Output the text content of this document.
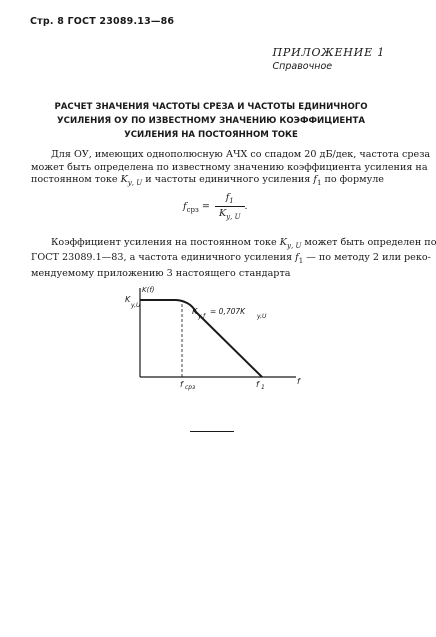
Стр. 8 ГОСТ 23089.13—86
ПРИЛОЖЕНИЕ 1
Справочное
РАСЧЕТ ЗНАЧЕНИЯ ЧАСТОТЫ СРЕЗА И ЧАСТОТЫ ЕДИНИЧНОГО
УСИЛЕНИЯ ОУ ПО ИЗВЕСТНОМУ ЗНАЧЕНИЮ КОЭФФИЦИЕНТА
УСИЛЕНИЯ НА ПОСТОЯННОМ ТОКЕ
Для ОУ, имеющих однополюсную АЧХ со спадом 20 дБ/дек, частота среза
может быть определена по известному значению коэффициента усиления на
постоянном токе $K_{у, U}$ и частоты единичного усиления $f_1$ по формуле
$f_{срз} = \frac{f_1}{K_{у, U}}$ .
Коэффициент усиления на постоянном токе $K_{у, U}$ может быть определен по
ГОСТ 23089.1—83, а частота единичного усиления $f_1$ — по методу 2 или реко-
мендуемому приложению 3 настоящего стандарта
K(f)
K
y,U
K
y,f
= 0,707K
y,U
f срз	f 1
f
